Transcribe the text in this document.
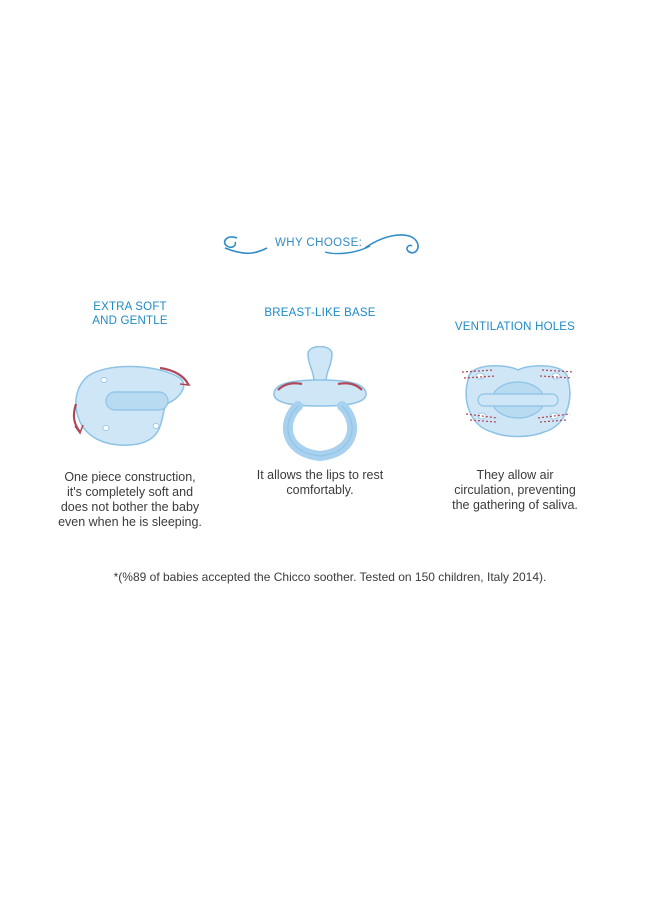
WHY CHOOSE:
EXTRA SOFT
AND GENTLE
One piece construction,
it's completely soft and
does not bother the baby
even when he is sleeping.
BREAST-LIKE BASE
It allows the lips to rest
comfortably.
VENTILATION HOLES
They allow air
circulation, preventing
the gathering of saliva.
*(%89 of babies accepted the Chicco soother. Tested on 150 children, Italy 2014).
